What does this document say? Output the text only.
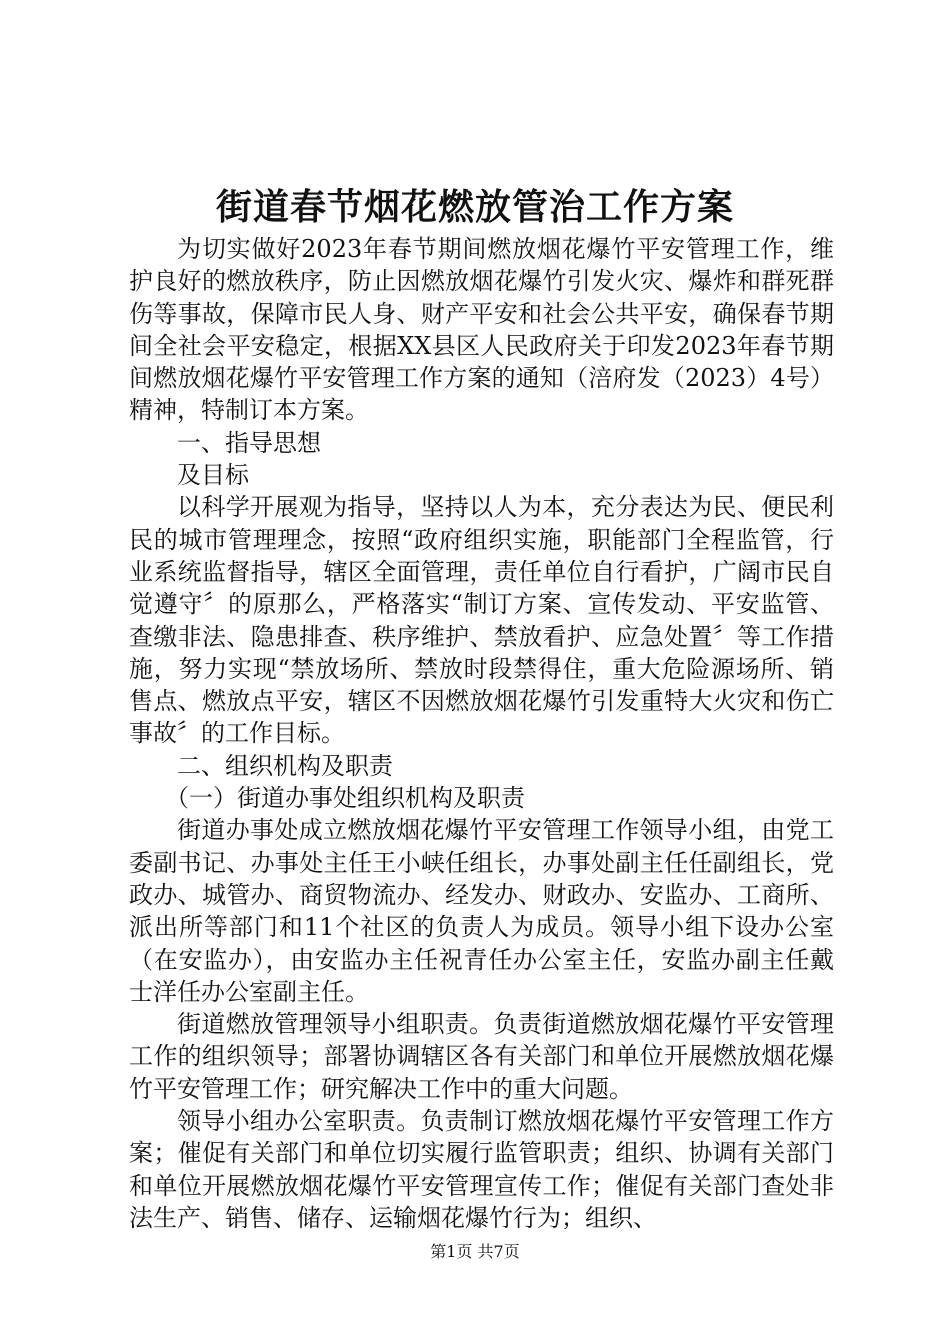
街道春节烟花燃放管治工作方案

为切实做好2023年春节期间燃放烟花爆竹平安管理工作，维护良好的燃放秩序，防止因燃放烟花爆竹引发火灾、爆炸和群死群伤等事故，保障市民人身、财产平安和社会公共平安，确保春节期间全社会平安稳定，根据XX县区人民政府关于印发2023年春节期间燃放烟花爆竹平安管理工作方案的通知（涪府发（2023）4号）精神，特制订本方案。

一、指导思想

及目标

以科学开展观为指导，坚持以人为本，充分表达为民、便民利民的城市管理理念，按照“政府组织实施，职能部门全程监管，行业系统监督指导，辖区全面管理，责任单位自行看护，广阔市民自觉遵守〞的原那么，严格落实“制订方案、宣传发动、平安监管、查缴非法、隐患排查、秩序维护、禁放看护、应急处置〞等工作措施，努力实现“禁放场所、禁放时段禁得住，重大危险源场所、销售点、燃放点平安，辖区不因燃放烟花爆竹引发重特大火灾和伤亡事故〞的工作目标。

二、组织机构及职责

（一）街道办事处组织机构及职责

街道办事处成立燃放烟花爆竹平安管理工作领导小组，由党工委副书记、办事处主任王小峡任组长，办事处副主任任副组长，党政办、城管办、商贸物流办、经发办、财政办、安监办、工商所、派出所等部门和11个社区的负责人为成员。领导小组下设办公室（在安监办），由安监办主任祝青任办公室主任，安监办副主任戴士洋任办公室副主任。

街道燃放管理领导小组职责。负责街道燃放烟花爆竹平安管理工作的组织领导；部署协调辖区各有关部门和单位开展燃放烟花爆竹平安管理工作；研究解决工作中的重大问题。

领导小组办公室职责。负责制订燃放烟花爆竹平安管理工作方案；催促有关部门和单位切实履行监管职责；组织、协调有关部门和单位开展燃放烟花爆竹平安管理宣传工作；催促有关部门查处非法生产、销售、储存、运输烟花爆竹行为；组织、

第1页 共7页
